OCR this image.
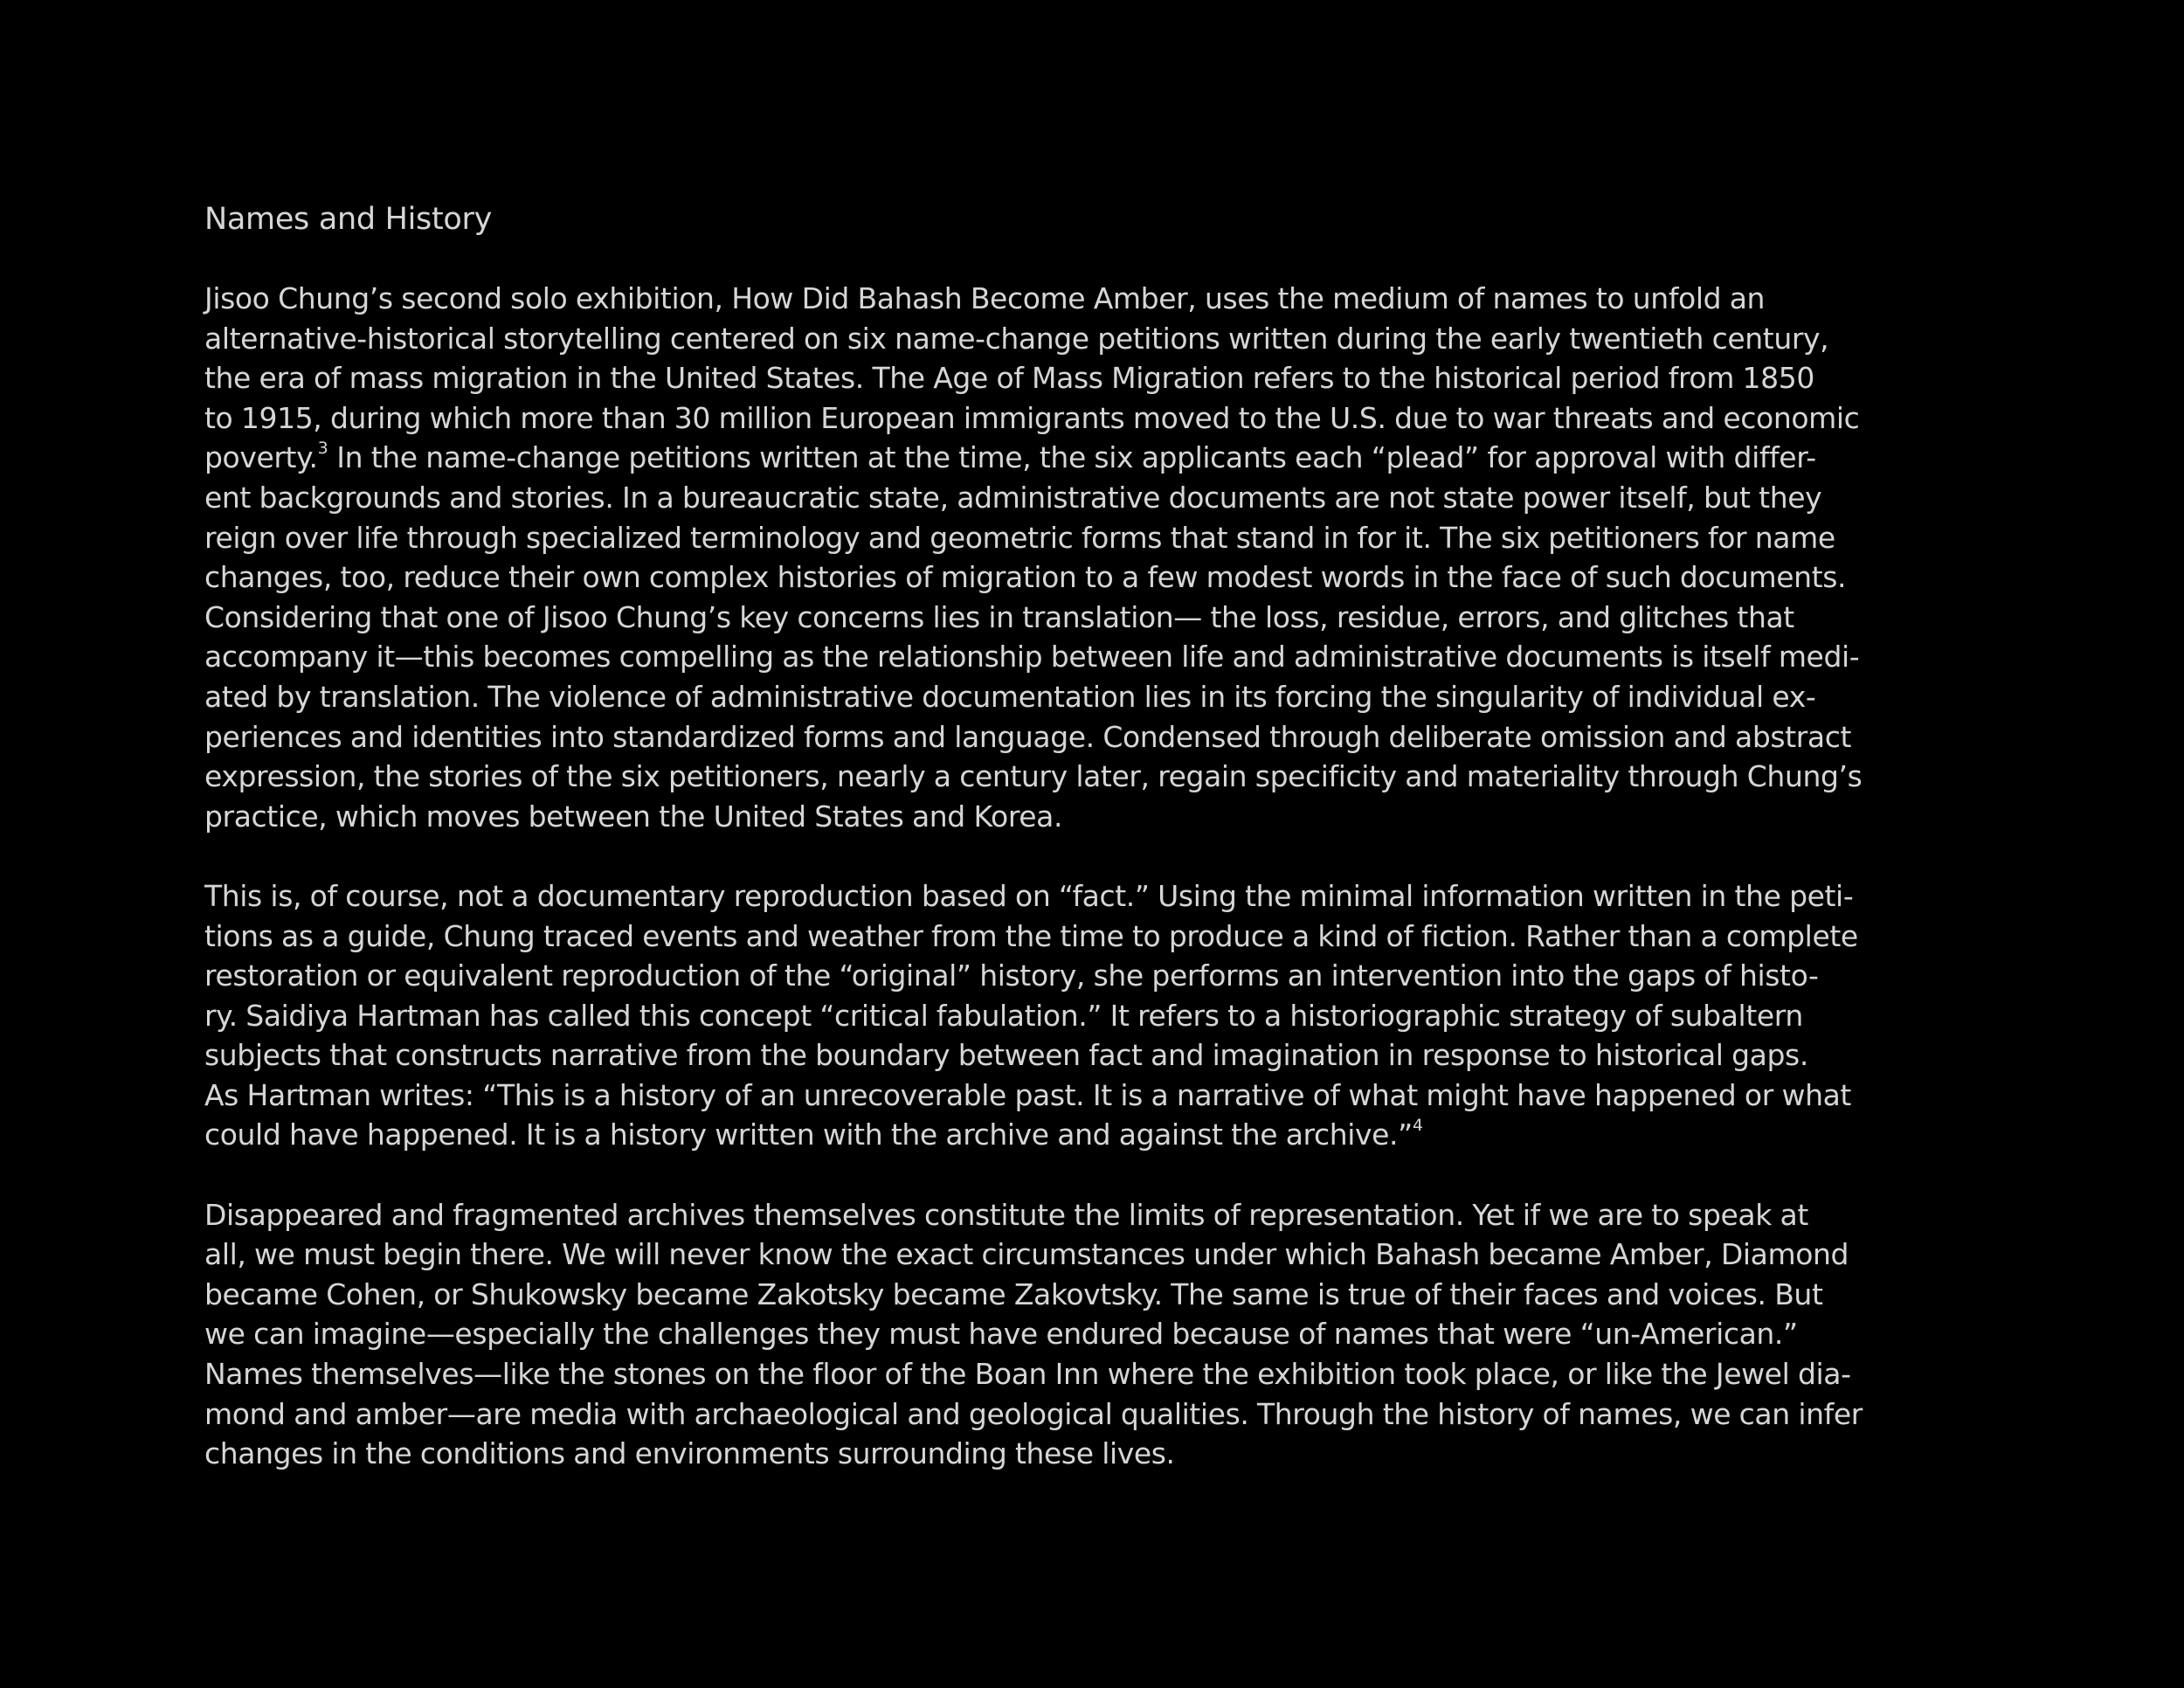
Names and History

Jisoo Chung’s second solo exhibition, How Did Bahash Become Amber, uses the medium of names to unfold an
alternative-historical storytelling centered on six name-change petitions written during the early twentieth century,
the era of mass migration in the United States. The Age of Mass Migration refers to the historical period from 1850
to 1915, during which more than 30 million European immigrants moved to the U.S. due to war threats and economic
poverty.$^3$ In the name-change petitions written at the time, the six applicants each “plead” for approval with differ-
ent backgrounds and stories. In a bureaucratic state, administrative documents are not state power itself, but they
reign over life through specialized terminology and geometric forms that stand in for it. The six petitioners for name
changes, too, reduce their own complex histories of migration to a few modest words in the face of such documents.
Considering that one of Jisoo Chung’s key concerns lies in translation— the loss, residue, errors, and glitches that
accompany it—this becomes compelling as the relationship between life and administrative documents is itself medi-
ated by translation. The violence of administrative documentation lies in its forcing the singularity of individual ex-
periences and identities into standardized forms and language. Condensed through deliberate omission and abstract
expression, the stories of the six petitioners, nearly a century later, regain specificity and materiality through Chung’s
practice, which moves between the United States and Korea.

This is, of course, not a documentary reproduction based on “fact.” Using the minimal information written in the peti-
tions as a guide, Chung traced events and weather from the time to produce a kind of fiction. Rather than a complete
restoration or equivalent reproduction of the “original” history, she performs an intervention into the gaps of histo-
ry. Saidiya Hartman has called this concept “critical fabulation.” It refers to a historiographic strategy of subaltern
subjects that constructs narrative from the boundary between fact and imagination in response to historical gaps.
As Hartman writes: “This is a history of an unrecoverable past. It is a narrative of what might have happened or what
could have happened. It is a history written with the archive and against the archive.”$^4$

Disappeared and fragmented archives themselves constitute the limits of representation. Yet if we are to speak at
all, we must begin there. We will never know the exact circumstances under which Bahash became Amber, Diamond
became Cohen, or Shukowsky became Zakotsky became Zakovtsky. The same is true of their faces and voices. But
we can imagine—especially the challenges they must have endured because of names that were “un-American.”
Names themselves—like the stones on the floor of the Boan Inn where the exhibition took place, or like the Jewel dia-
mond and amber—are media with archaeological and geological qualities. Through the history of names, we can infer
changes in the conditions and environments surrounding these lives.
